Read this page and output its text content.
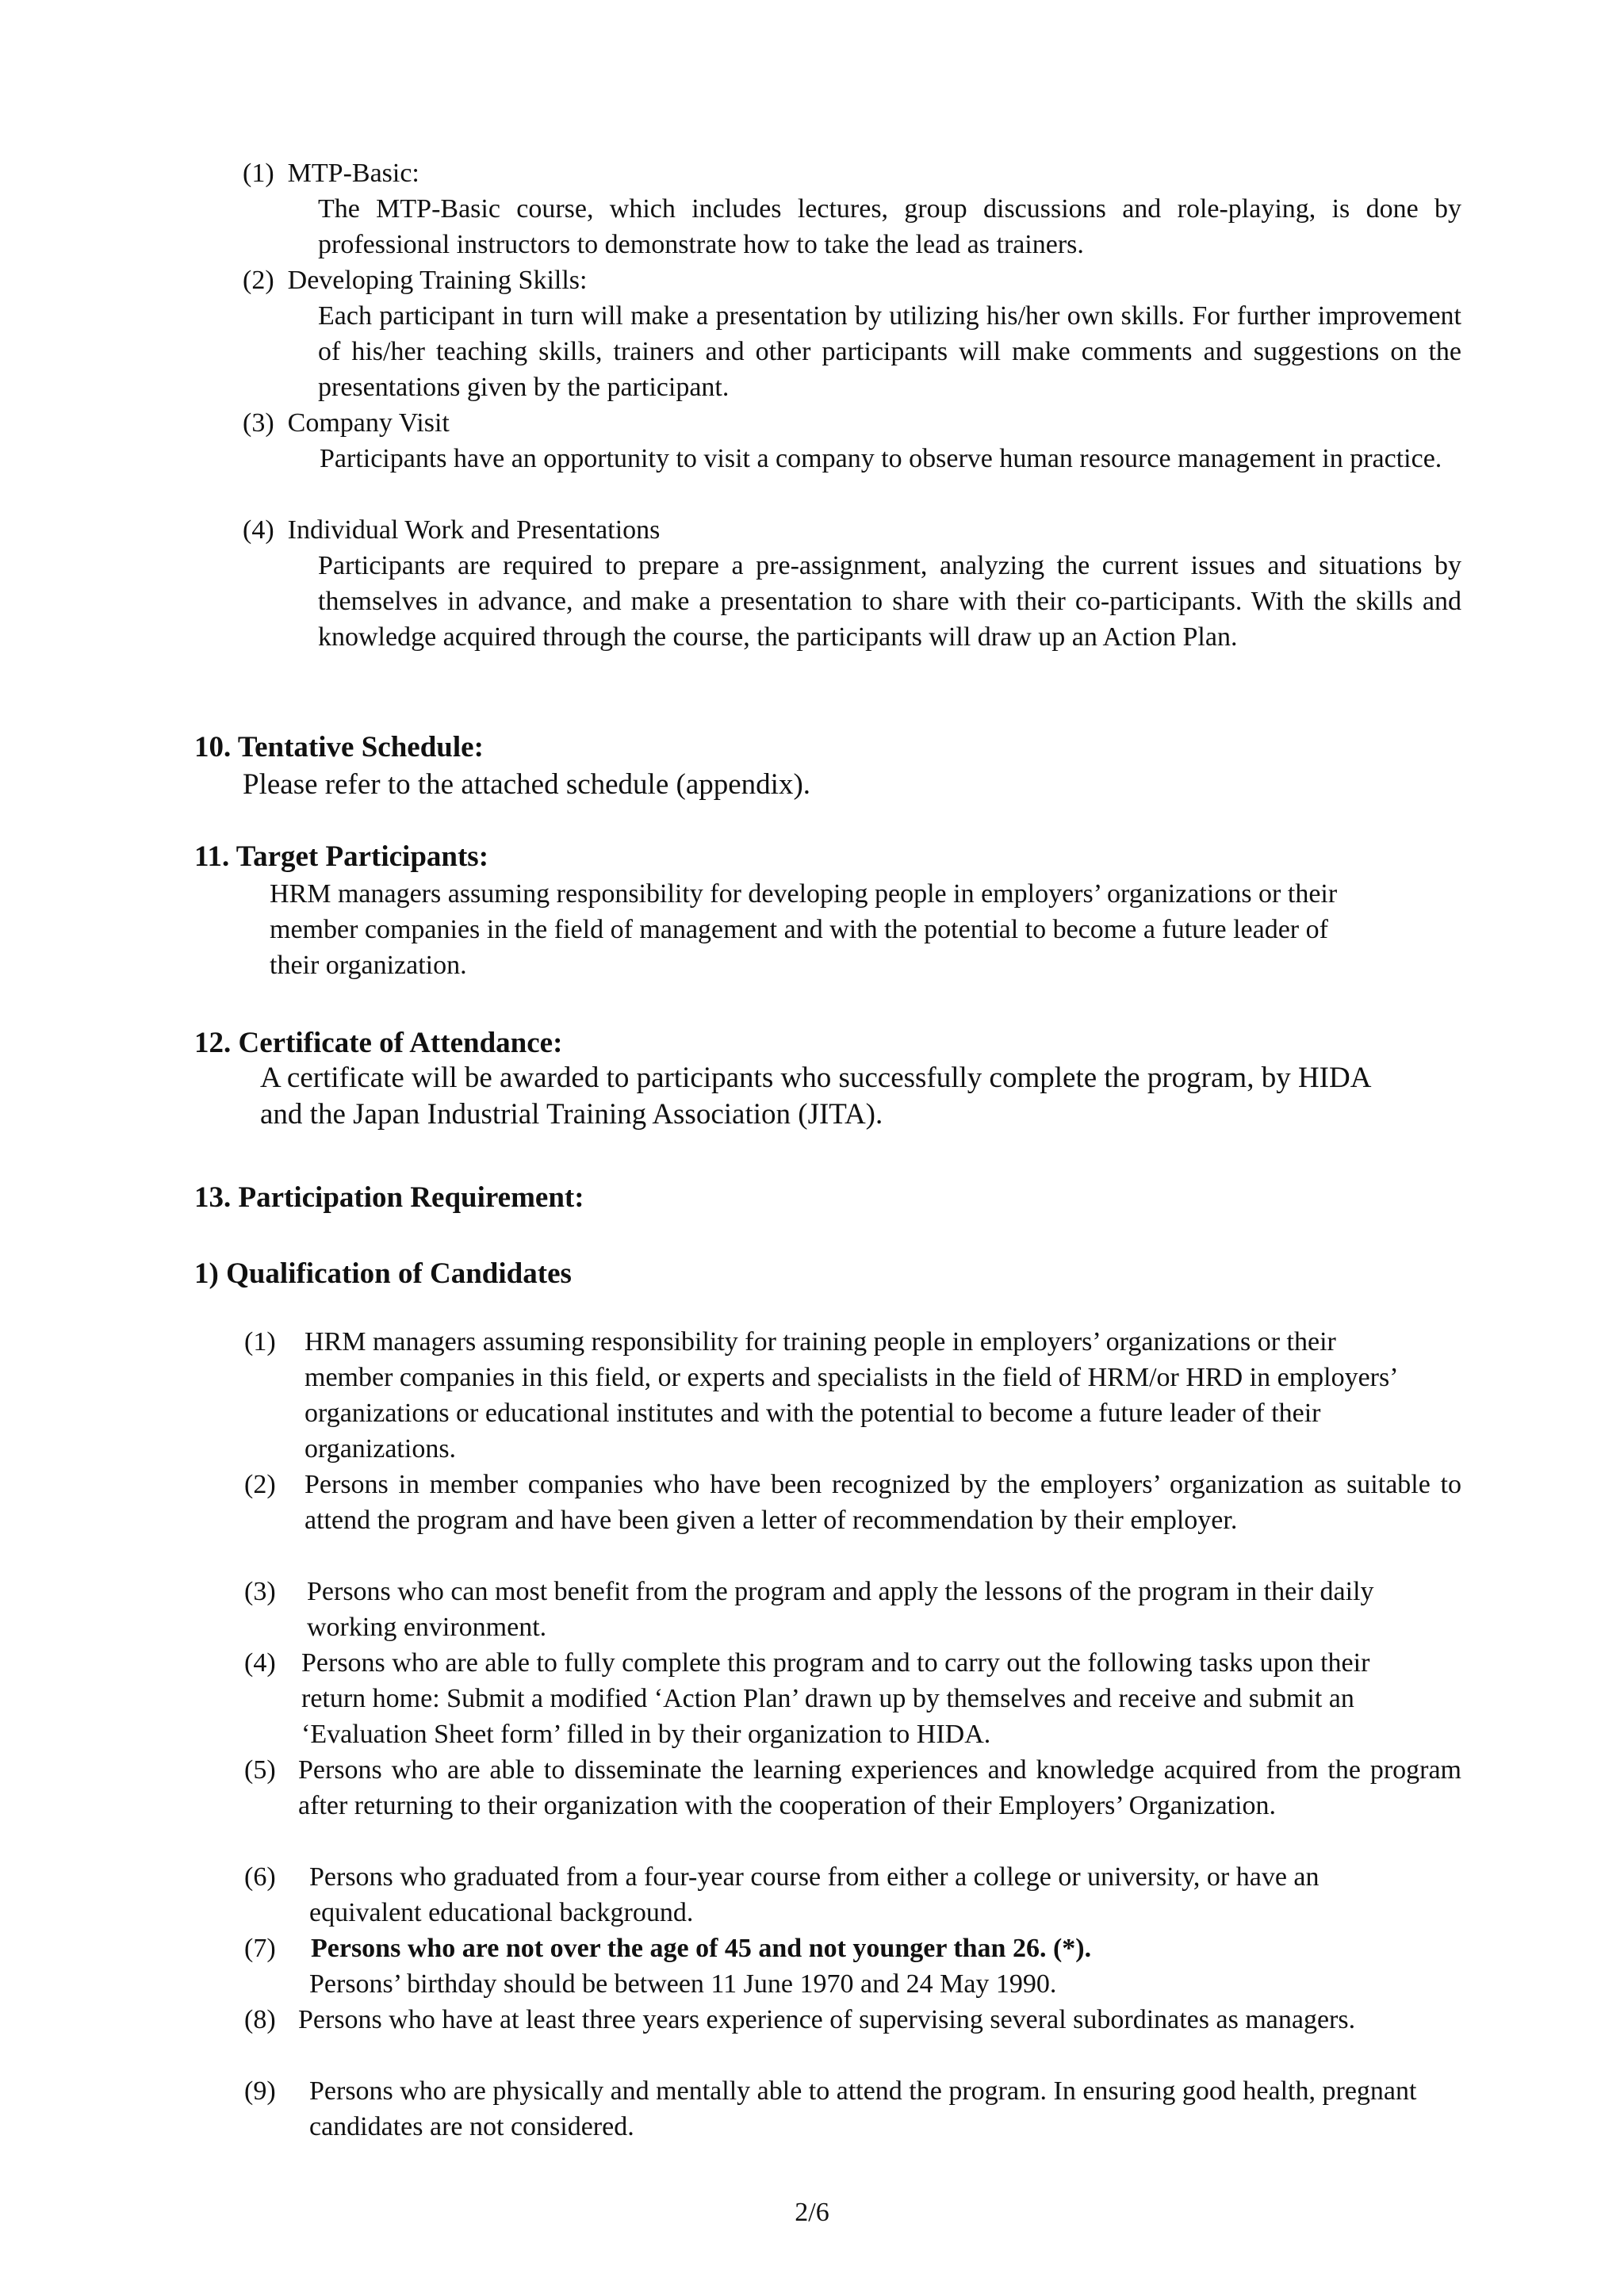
(1) MTP-Basic:
The MTP-Basic course, which includes lectures, group discussions and role-playing, is done by professional instructors to demonstrate how to take the lead as trainers.
(2) Developing Training Skills:
Each participant in turn will make a presentation by utilizing his/her own skills. For further improvement of his/her teaching skills, trainers and other participants will make comments and suggestions on the presentations given by the participant.
(3) Company Visit
Participants have an opportunity to visit a company to observe human resource management in practice.
(4) Individual Work and Presentations
Participants are required to prepare a pre-assignment, analyzing the current issues and situations by themselves in advance, and make a presentation to share with their co-participants. With the skills and knowledge acquired through the course, the participants will draw up an Action Plan.
10. Tentative Schedule:
Please refer to the attached schedule (appendix).
11. Target Participants:
HRM managers assuming responsibility for developing people in employers’ organizations or their member companies in the field of management and with the potential to become a future leader of their organization.
12. Certificate of Attendance:
A certificate will be awarded to participants who successfully complete the program, by HIDA and the Japan Industrial Training Association (JITA).
13. Participation Requirement:
1) Qualification of Candidates
(1) HRM managers assuming responsibility for training people in employers’ organizations or their member companies in this field, or experts and specialists in the field of HRM/or HRD in employers’ organizations or educational institutes and with the potential to become a future leader of their organizations.
(2) Persons in member companies who have been recognized by the employers’ organization as suitable to attend the program and have been given a letter of recommendation by their employer.
(3) Persons who can most benefit from the program and apply the lessons of the program in their daily working environment.
(4) Persons who are able to fully complete this program and to carry out the following tasks upon their return home: Submit a modified ‘Action Plan’ drawn up by themselves and receive and submit an ‘Evaluation Sheet form’ filled in by their organization to HIDA.
(5) Persons who are able to disseminate the learning experiences and knowledge acquired from the program after returning to their organization with the cooperation of their Employers’ Organization.
(6) Persons who graduated from a four-year course from either a college or university, or have an equivalent educational background.
(7) Persons who are not over the age of 45 and not younger than 26. (*).
Persons’ birthday should be between 11 June 1970 and 24 May 1990.
(8) Persons who have at least three years experience of supervising several subordinates as managers.
(9) Persons who are physically and mentally able to attend the program. In ensuring good health, pregnant candidates are not considered.
2/6
